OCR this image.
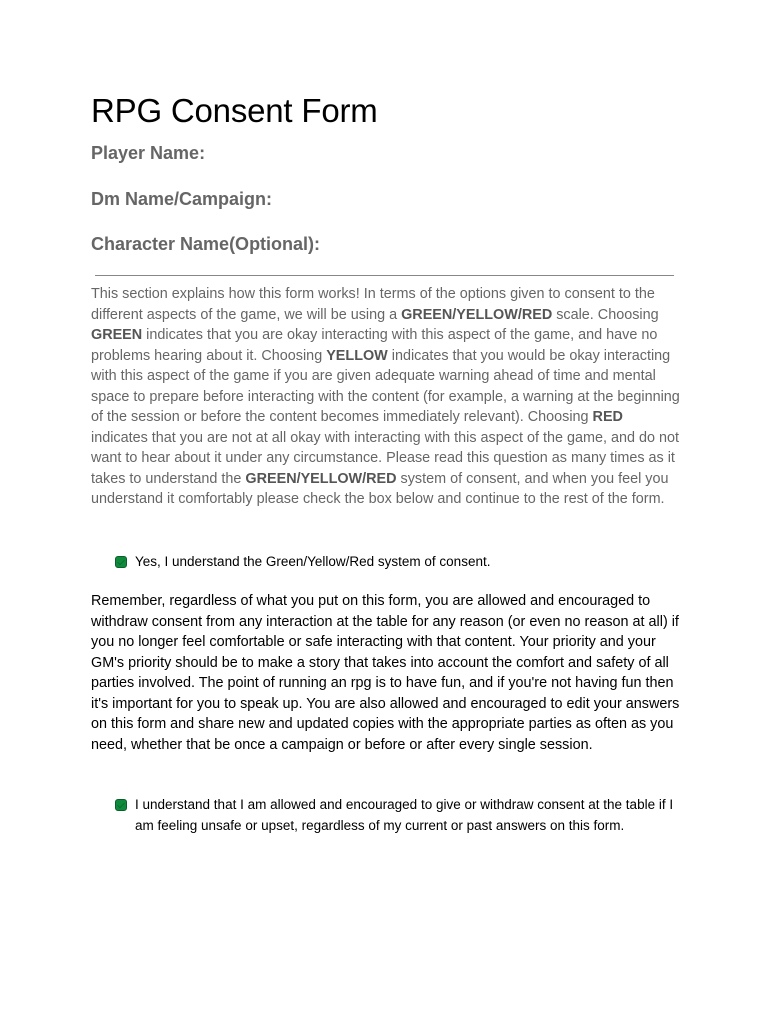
RPG Consent Form
Player Name:
Dm Name/Campaign:
Character Name(Optional):

This section explains how this form works! In terms of the options given to consent to the different aspects of the game, we will be using a GREEN/YELLOW/RED scale. Choosing GREEN indicates that you are okay interacting with this aspect of the game, and have no problems hearing about it. Choosing YELLOW indicates that you would be okay interacting with this aspect of the game if you are given adequate warning ahead of time and mental space to prepare before interacting with the content (for example, a warning at the beginning of the session or before the content becomes immediately relevant). Choosing RED indicates that you are not at all okay with interacting with this aspect of the game, and do not want to hear about it under any circumstance. Please read this question as many times as it takes to understand the GREEN/YELLOW/RED system of consent, and when you feel you understand it comfortably please check the box below and continue to the rest of the form.

Yes, I understand the Green/Yellow/Red system of consent.

Remember, regardless of what you put on this form, you are allowed and encouraged to withdraw consent from any interaction at the table for any reason (or even no reason at all) if you no longer feel comfortable or safe interacting with that content. Your priority and your GM's priority should be to make a story that takes into account the comfort and safety of all parties involved. The point of running an rpg is to have fun, and if you're not having fun then it's important for you to speak up. You are also allowed and encouraged to edit your answers on this form and share new and updated copies with the appropriate parties as often as you need, whether that be once a campaign or before or after every single session.

I understand that I am allowed and encouraged to give or withdraw consent at the table if I am feeling unsafe or upset, regardless of my current or past answers on this form.
